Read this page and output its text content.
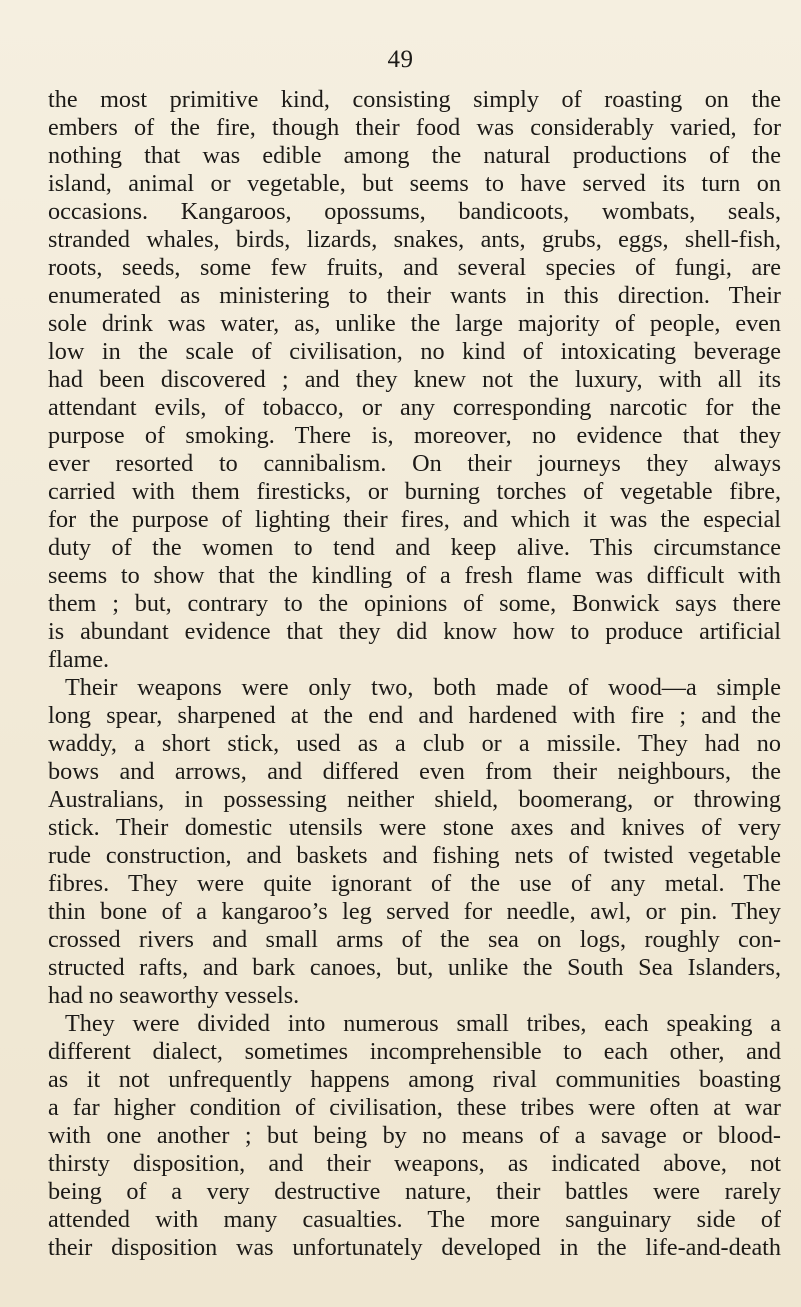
49
the most primitive kind, consisting simply of roasting on the
embers of the fire, though their food was considerably varied, for
nothing that was edible among the natural productions of the
island, animal or vegetable, but seems to have served its turn on
occasions. Kangaroos, opossums, bandicoots, wombats, seals,
stranded whales, birds, lizards, snakes, ants, grubs, eggs, shell-fish,
roots, seeds, some few fruits, and several species of fungi, are
enumerated as ministering to their wants in this direction. Their
sole drink was water, as, unlike the large majority of people, even
low in the scale of civilisation, no kind of intoxicating beverage
had been discovered ; and they knew not the luxury, with all its
attendant evils, of tobacco, or any corresponding narcotic for the
purpose of smoking. There is, moreover, no evidence that they
ever resorted to cannibalism. On their journeys they always
carried with them firesticks, or burning torches of vegetable fibre,
for the purpose of lighting their fires, and which it was the especial
duty of the women to tend and keep alive. This circumstance
seems to show that the kindling of a fresh flame was difficult with
them ; but, contrary to the opinions of some, Bonwick says there
is abundant evidence that they did know how to produce artificial
flame.
Their weapons were only two, both made of wood—a simple
long spear, sharpened at the end and hardened with fire ; and the
waddy, a short stick, used as a club or a missile. They had no
bows and arrows, and differed even from their neighbours, the
Australians, in possessing neither shield, boomerang, or throwing
stick. Their domestic utensils were stone axes and knives of very
rude construction, and baskets and fishing nets of twisted vegetable
fibres. They were quite ignorant of the use of any metal. The
thin bone of a kangaroo’s leg served for needle, awl, or pin. They
crossed rivers and small arms of the sea on logs, roughly con-
structed rafts, and bark canoes, but, unlike the South Sea Islanders,
had no seaworthy vessels.
They were divided into numerous small tribes, each speaking a
different dialect, sometimes incomprehensible to each other, and
as it not unfrequently happens among rival communities boasting
a far higher condition of civilisation, these tribes were often at war
with one another ; but being by no means of a savage or blood-
thirsty disposition, and their weapons, as indicated above, not
being of a very destructive nature, their battles were rarely
attended with many casualties. The more sanguinary side of
their disposition was unfortunately developed in the life-and-death
